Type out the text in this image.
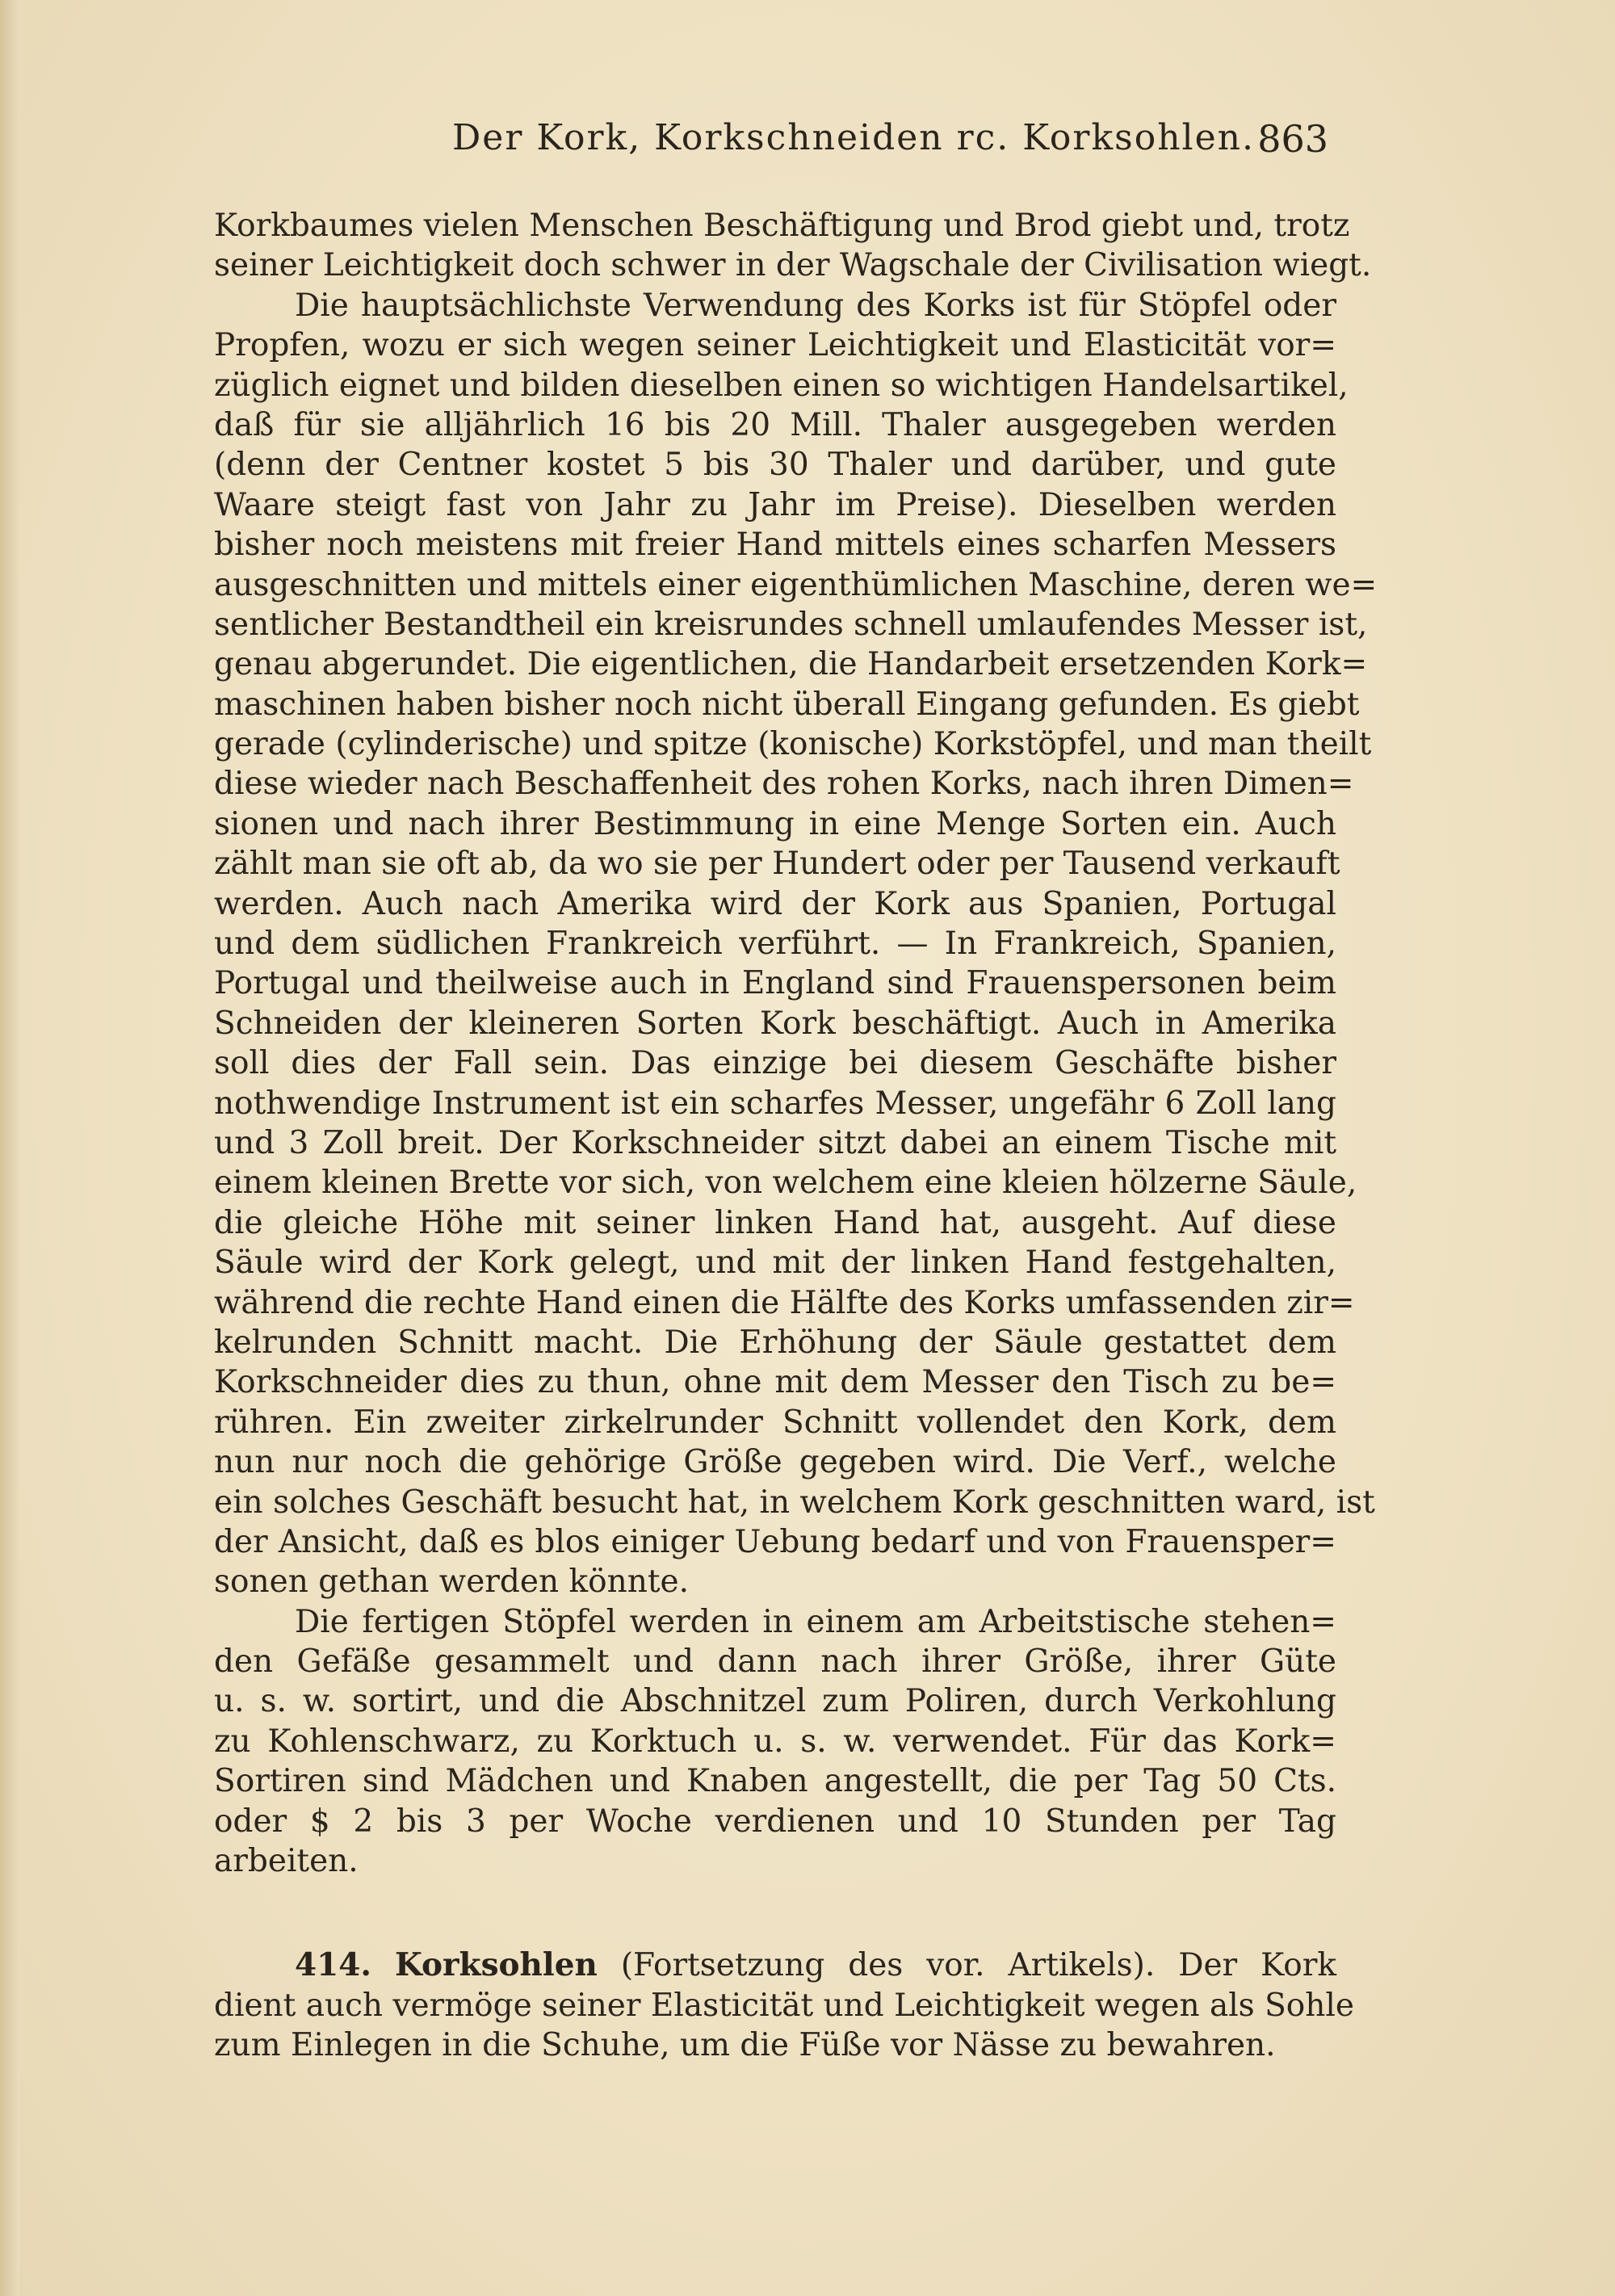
Der Kork, Korkschneiden rc. Korksohlen. 863
Korkbaumes vielen Menschen Beschäftigung und Brod giebt und, trotz
seiner Leichtigkeit doch schwer in der Wagschale der Civilisation wiegt.
Die hauptsächlichste Verwendung des Korks ist für Stöpfel oder
Propfen, wozu er sich wegen seiner Leichtigkeit und Elasticität vor=
züglich eignet und bilden dieselben einen so wichtigen Handelsartikel,
daß für sie alljährlich 16 bis 20 Mill. Thaler ausgegeben werden
(denn der Centner kostet 5 bis 30 Thaler und darüber, und gute
Waare steigt fast von Jahr zu Jahr im Preise). Dieselben werden
bisher noch meistens mit freier Hand mittels eines scharfen Messers
ausgeschnitten und mittels einer eigenthümlichen Maschine, deren we=
sentlicher Bestandtheil ein kreisrundes schnell umlaufendes Messer ist,
genau abgerundet. Die eigentlichen, die Handarbeit ersetzenden Kork=
maschinen haben bisher noch nicht überall Eingang gefunden. Es giebt
gerade (cylinderische) und spitze (konische) Korkstöpfel, und man theilt
diese wieder nach Beschaffenheit des rohen Korks, nach ihren Dimen=
sionen und nach ihrer Bestimmung in eine Menge Sorten ein. Auch
zählt man sie oft ab, da wo sie per Hundert oder per Tausend verkauft
werden. Auch nach Amerika wird der Kork aus Spanien, Portugal
und dem südlichen Frankreich verführt. — In Frankreich, Spanien,
Portugal und theilweise auch in England sind Frauenspersonen beim
Schneiden der kleineren Sorten Kork beschäftigt. Auch in Amerika
soll dies der Fall sein. Das einzige bei diesem Geschäfte bisher
nothwendige Instrument ist ein scharfes Messer, ungefähr 6 Zoll lang
und 3 Zoll breit. Der Korkschneider sitzt dabei an einem Tische mit
einem kleinen Brette vor sich, von welchem eine kleien hölzerne Säule,
die gleiche Höhe mit seiner linken Hand hat, ausgeht. Auf diese
Säule wird der Kork gelegt, und mit der linken Hand festgehalten,
während die rechte Hand einen die Hälfte des Korks umfassenden zir=
kelrunden Schnitt macht. Die Erhöhung der Säule gestattet dem
Korkschneider dies zu thun, ohne mit dem Messer den Tisch zu be=
rühren. Ein zweiter zirkelrunder Schnitt vollendet den Kork, dem
nun nur noch die gehörige Größe gegeben wird. Die Verf., welche
ein solches Geschäft besucht hat, in welchem Kork geschnitten ward, ist
der Ansicht, daß es blos einiger Uebung bedarf und von Frauensper=
sonen gethan werden könnte.
Die fertigen Stöpfel werden in einem am Arbeitstische stehen=
den Gefäße gesammelt und dann nach ihrer Größe, ihrer Güte
u. s. w. sortirt, und die Abschnitzel zum Poliren, durch Verkohlung
zu Kohlenschwarz, zu Korktuch u. s. w. verwendet. Für das Kork=
Sortiren sind Mädchen und Knaben angestellt, die per Tag 50 Cts.
oder $ 2 bis 3 per Woche verdienen und 10 Stunden per Tag
arbeiten.
414. Korksohlen (Fortsetzung des vor. Artikels). Der Kork
dient auch vermöge seiner Elasticität und Leichtigkeit wegen als Sohle
zum Einlegen in die Schuhe, um die Füße vor Nässe zu bewahren.
